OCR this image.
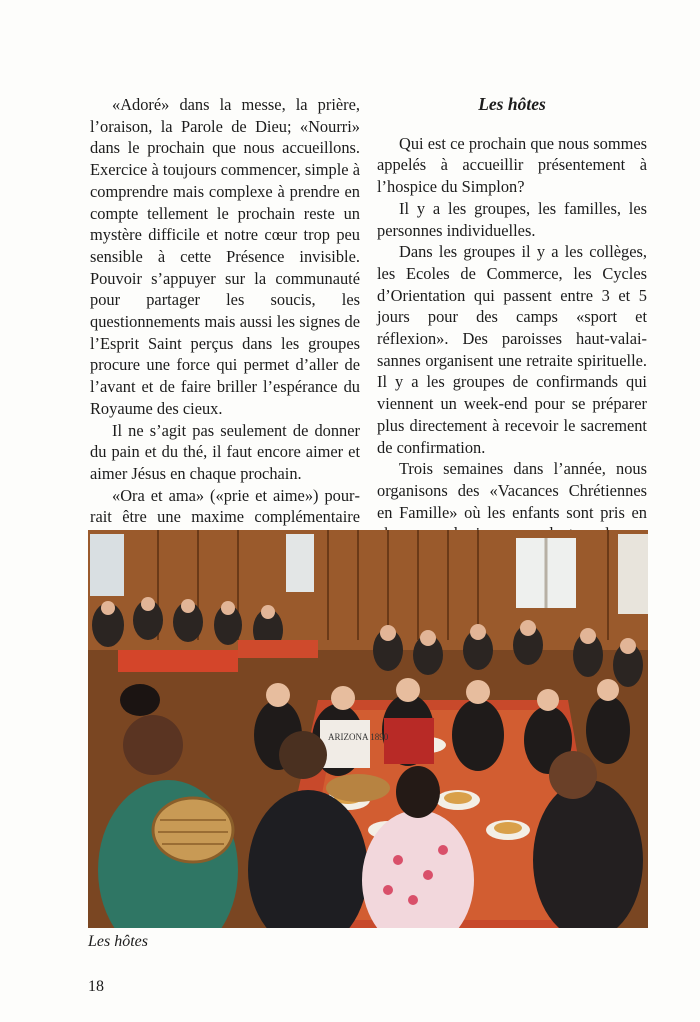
«Adoré» dans la messe, la prière, l’oraison, la Parole de Dieu; «Nourri» dans le prochain que nous accueillons. Exercice à toujours commencer, simple à comprendre mais complexe à prendre en compte tellement le prochain reste un mystère difficile et notre cœur trop peu sensible à cette Présence invisible. Pouvoir s’appuyer sur la communauté pour partager les soucis, les questionnements mais aussi les signes de l’Esprit Saint perçus dans les groupes procure une force qui permet d’aller de l’avant et de faire briller l’espérance du Royaume des cieux.

Il ne s’agit pas seulement de donner du pain et du thé, il faut encore aimer et aimer Jésus en chaque prochain.

«Ora et ama» («prie et aime») pourrait être une maxime complémentaire

Les hôtes

Qui est ce prochain que nous sommes appelés à accueillir présentement à l’hospice du Simplon?

Il y a les groupes, les familles, les personnes individuelles.

Dans les groupes il y a les collèges, les Ecoles de Commerce, les Cycles d’Orientation qui passent entre 3 et 5 jours pour des camps «sport et réflexion». Des paroisses haut-valaisannes organisent une retraite spirituelle. Il y a les groupes de confirmands qui viennent un week-end pour se préparer plus directement à recevoir le sacrement de confirmation.

Trois semaines dans l’année, nous organisons des «Vacances Chrétiennes en Famille» où les enfants sont pris en

ARIZONA 1890
Les hôtes
18
